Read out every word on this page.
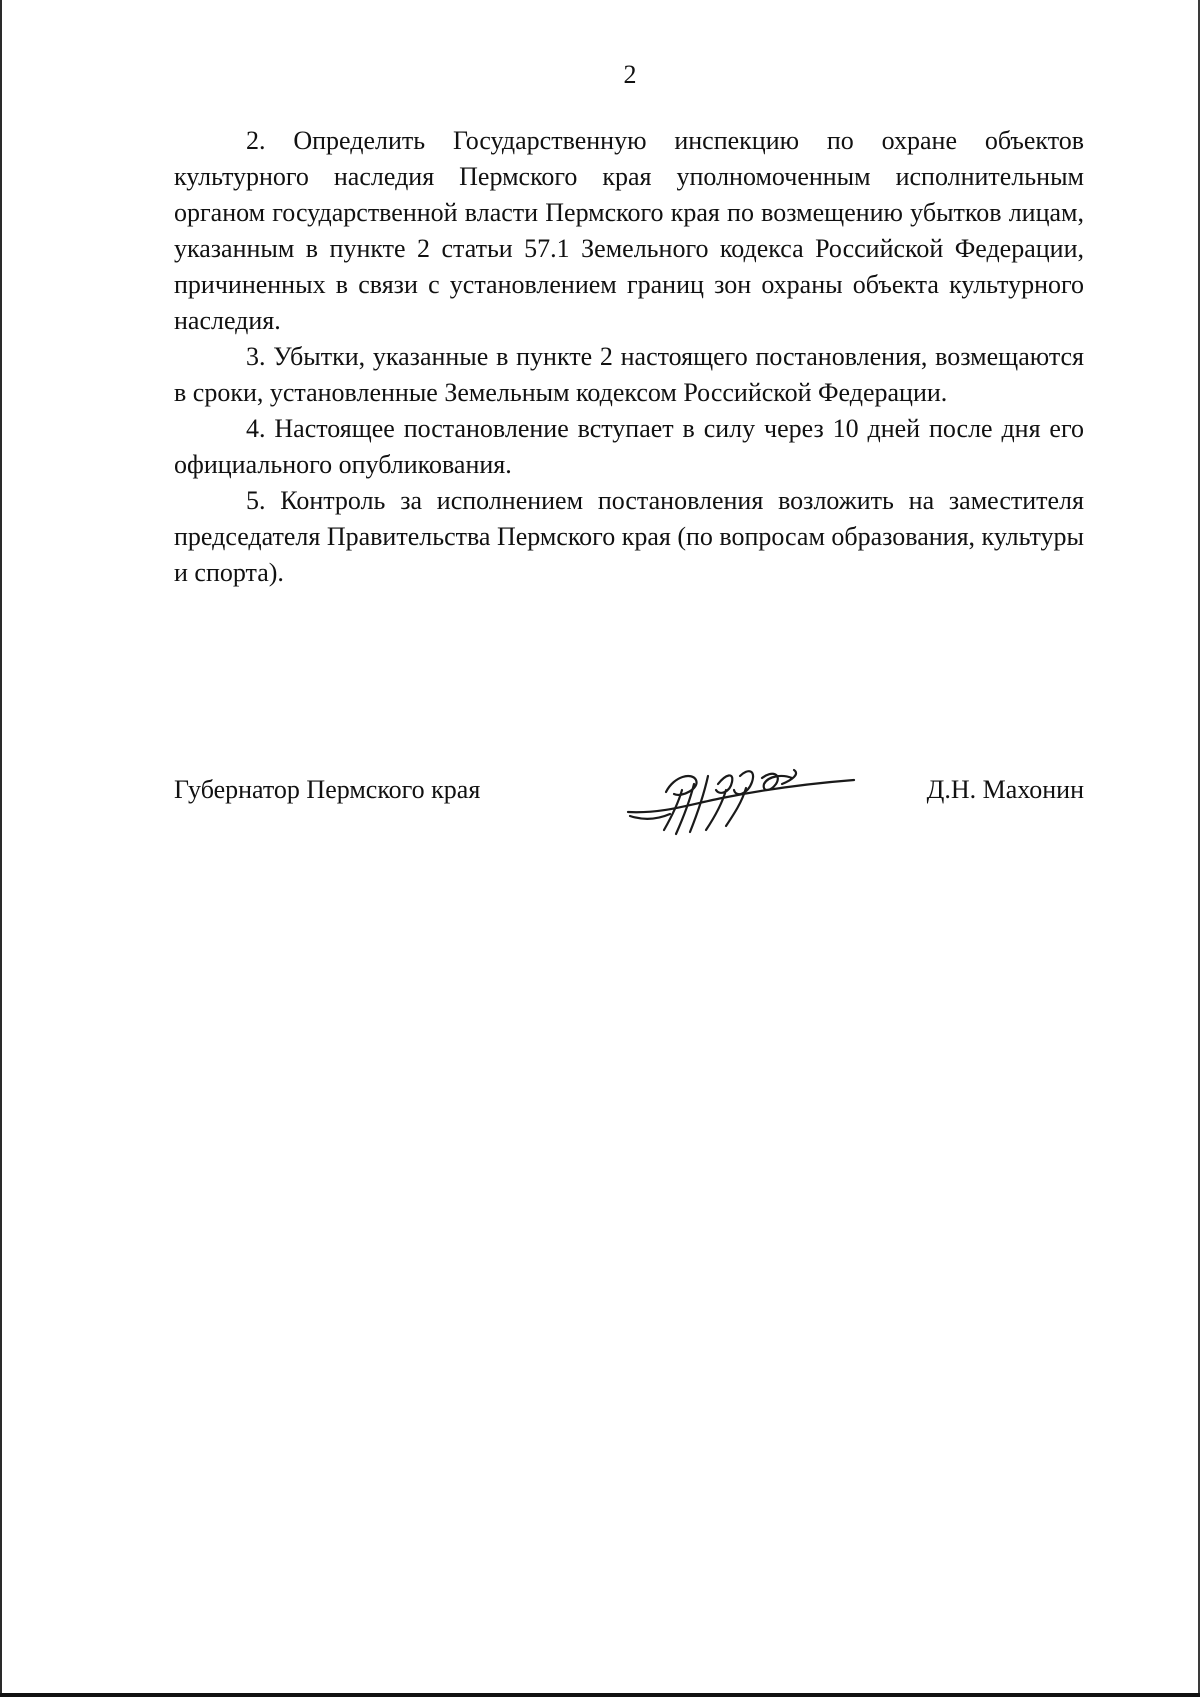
2

2. Определить Государственную инспекцию по охране объектов культурного наследия Пермского края уполномоченным исполнительным органом государственной власти Пермского края по возмещению убытков лицам, указанным в пункте 2 статьи 57.1 Земельного кодекса Российской Федерации, причиненных в связи с установлением границ зон охраны объекта культурного наследия.

3. Убытки, указанные в пункте 2 настоящего постановления, возмещаются в сроки, установленные Земельным кодексом Российской Федерации.

4. Настоящее постановление вступает в силу через 10 дней после дня его официального опубликования.

5. Контроль за исполнением постановления возложить на заместителя председателя Правительства Пермского края (по вопросам образования, культуры и спорта).

Губернатор Пермского края	Д.Н. Махонин
